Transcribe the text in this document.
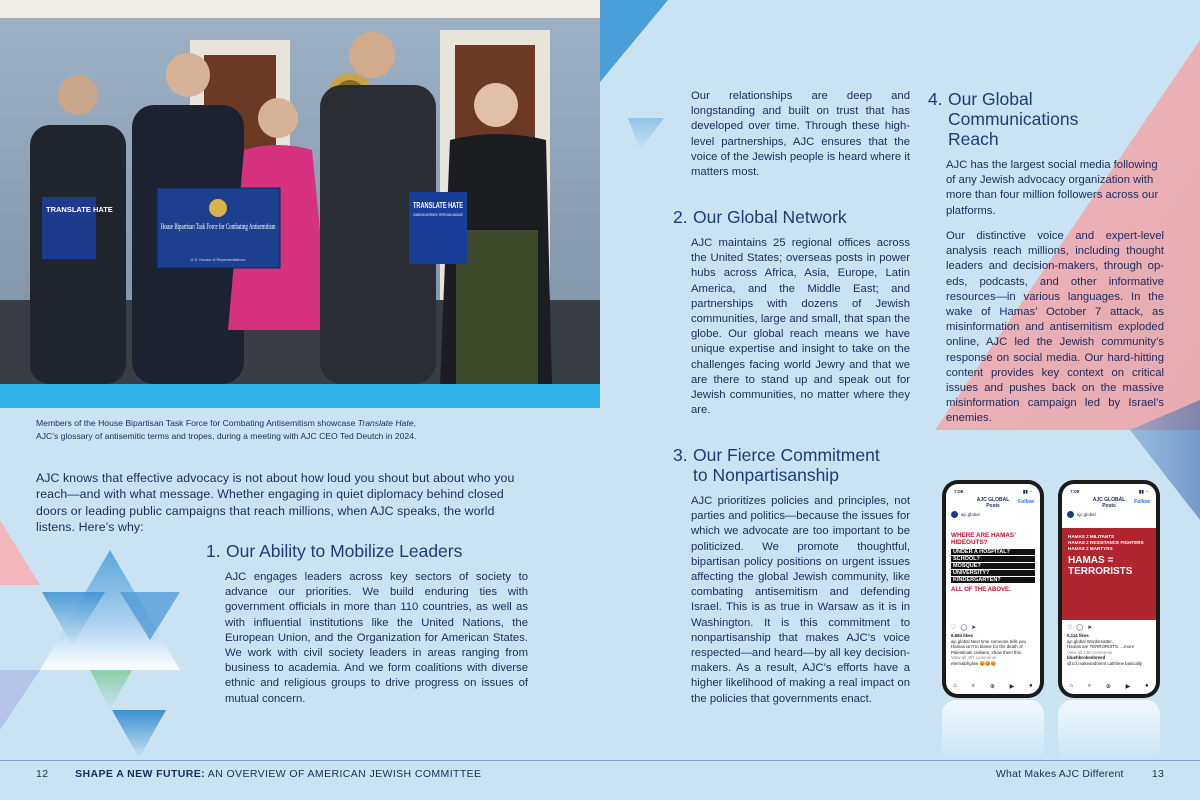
TRANSLATE HATE
House Bipartisan Task Force for Combating Antisemitism
U.S. House of Representatives
TRANSLATE HATE
COMBATING ANTISEMITIC TROPES AND LANGUAGE
Members of the House Bipartisan Task Force for Combating Antisemitism showcase Translate Hate,
AJC’s glossary of antisemitic terms and tropes, during a meeting with AJC CEO Ted Deutch in 2024.
AJC knows that effective advocacy is not about how loud you shout but about who you reach—and with what message. Whether engaging in quiet diplomacy behind closed doors or leading public campaigns that reach millions, when AJC speaks, the world listens. Here’s why:
1. Our Ability to Mobilize Leaders
AJC engages leaders across key sectors of society to advance our priorities. We build enduring ties with government officials in more than 110 countries, as well as with influential institutions like the United Nations, the European Union, and the Organization for American States. We work with civil society leaders in areas ranging from business to academia. And we form coalitions with diverse ethnic and religious groups to drive progress on issues of mutual concern.
Our relationships are deep and longstanding and built on trust that has developed over time. Through these high-level partnerships, AJC ensures that the voice of the Jewish people is heard where it matters most.
2. Our Global Network
AJC maintains 25 regional offices across the United States; overseas posts in power hubs across Africa, Asia, Europe, Latin America, and the Middle East; and partnerships with dozens of Jewish communities, large and small, that span the globe. Our global reach means we have unique expertise and insight to take on the challenges facing world Jewry and that we are there to stand up and speak out for Jewish communities, no matter where they are.
3. Our Fierce Commitment
to Nonpartisanship
AJC prioritizes policies and principles, not parties and politics—because the issues for which we advocate are too important to be politicized. We promote thoughtful, bipartisan policy positions on urgent issues affecting the global Jewish community, like combating antisemitism and defending Israel. This is as true in Warsaw as it is in Washington. It is this commitment to nonpartisanship that makes AJC’s voice respected—and heard—by all key decision-makers. As a result, AJC’s efforts have a higher likelihood of making a real impact on the policies that governments enact.
4. Our Global
Communications
Reach
AJC has the largest social media following of any Jewish advocacy organization with more than four million followers across our platforms.
Our distinctive voice and expert-level analysis reach millions, including thought leaders and decision-makers, through op-eds, podcasts, and other informative resources—in various languages. In the wake of Hamas’ October 7 attack, as misinformation and antisemitism exploded online, AJC led the Jewish community’s response on social media. Our hard-hitting content provides key context on critical issues and pushes back on the massive misinformation campaign led by Israel’s enemies.
7:08	▮▮ ◔
AJC GLOBAL
Posts
Follow
ajc.global
WHERE ARE HAMAS’ HIDEOUTS?
UNDER A HOSPITAL?
SCHOOL?
MOSQUE?
UNIVERSITY?
KINDERGARTEN?
ALL OF THE ABOVE.
♡ ◯ ➤
6,684 likes
ajc.global Next time someone tells you Hamas isn't to blame for the death of Palestinian civilians, show them this.
View all 397 comments
eternalphglow 😡😡😡
⌂ ⌕ ⊕ ▶ ●
7:09	▮▮ ◔
AJC GLOBAL
Posts
Follow
ajc.global
HAMAS ≠ MILITANTS
HAMAS ≠ RESISTANCE FIGHTERS
HAMAS ≠ MARTYRS
HAMAS =
TERRORISTS
♡ ◯ ➤
5,114 likes
ajc.global Wordsmatter.
Hamas are TERRORISTS. ...more
View all 148 comments
bluehbrokenbreed
@zcf.makeandment Lathlime basically
⌂ ⌕ ⊕ ▶ ●
12	SHAPE A NEW FUTURE: AN OVERVIEW OF AMERICAN JEWISH COMMITTEE	What Makes AJC Different	13
